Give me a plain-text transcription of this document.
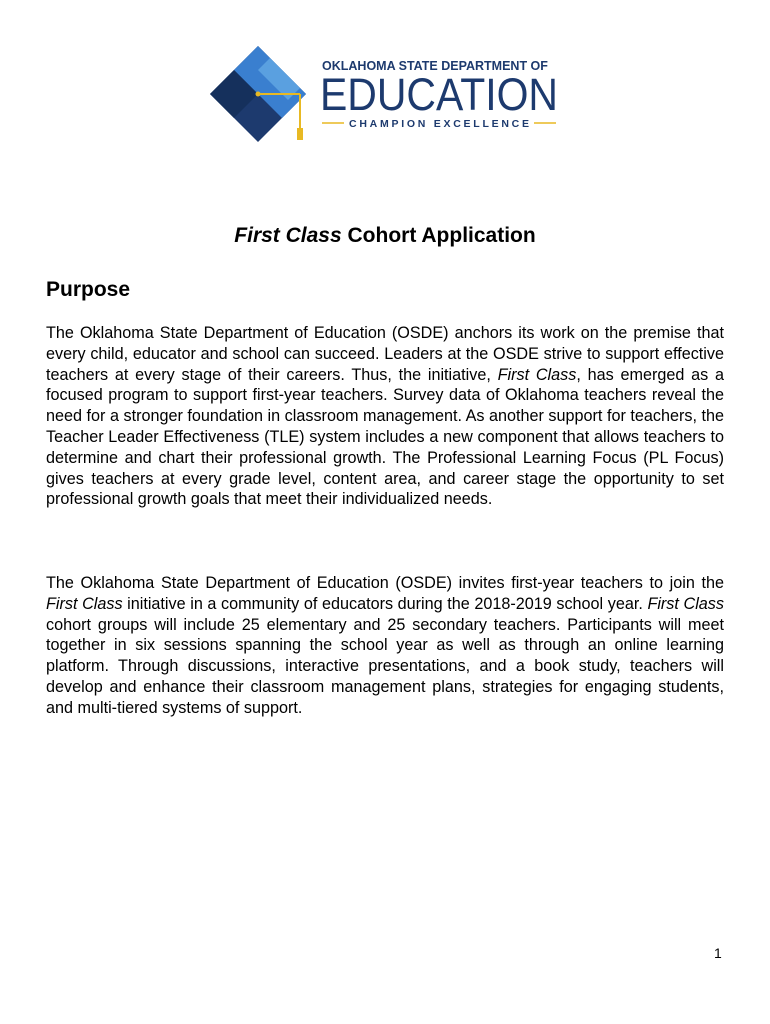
OKLAHOMA STATE DEPARTMENT OF
EDUCATION
CHAMPION EXCELLENCE
First Class Cohort Application
Purpose

The Oklahoma State Department of Education (OSDE) anchors its work on the premise that every child, educator and school can succeed. Leaders at the OSDE strive to support effective teachers at every stage of their careers. Thus, the initiative, First Class, has emerged as a focused program to support first-year teachers. Survey data of Oklahoma teachers reveal the need for a stronger foundation in classroom management. As another support for teachers, the Teacher Leader Effectiveness (TLE) system includes a new component that allows teachers to determine and chart their professional growth. The Professional Learning Focus (PL Focus) gives teachers at every grade level, content area, and career stage the opportunity to set professional growth goals that meet their individualized needs.

The Oklahoma State Department of Education (OSDE) invites first-year teachers to join the First Class initiative in a community of educators during the 2018-2019 school year. First Class cohort groups will include 25 elementary and 25 secondary teachers. Participants will meet together in six sessions spanning the school year as well as through an online learning platform. Through discussions, interactive presentations, and a book study, teachers will develop and enhance their classroom management plans, strategies for engaging students, and multi-tiered systems of support.

1
